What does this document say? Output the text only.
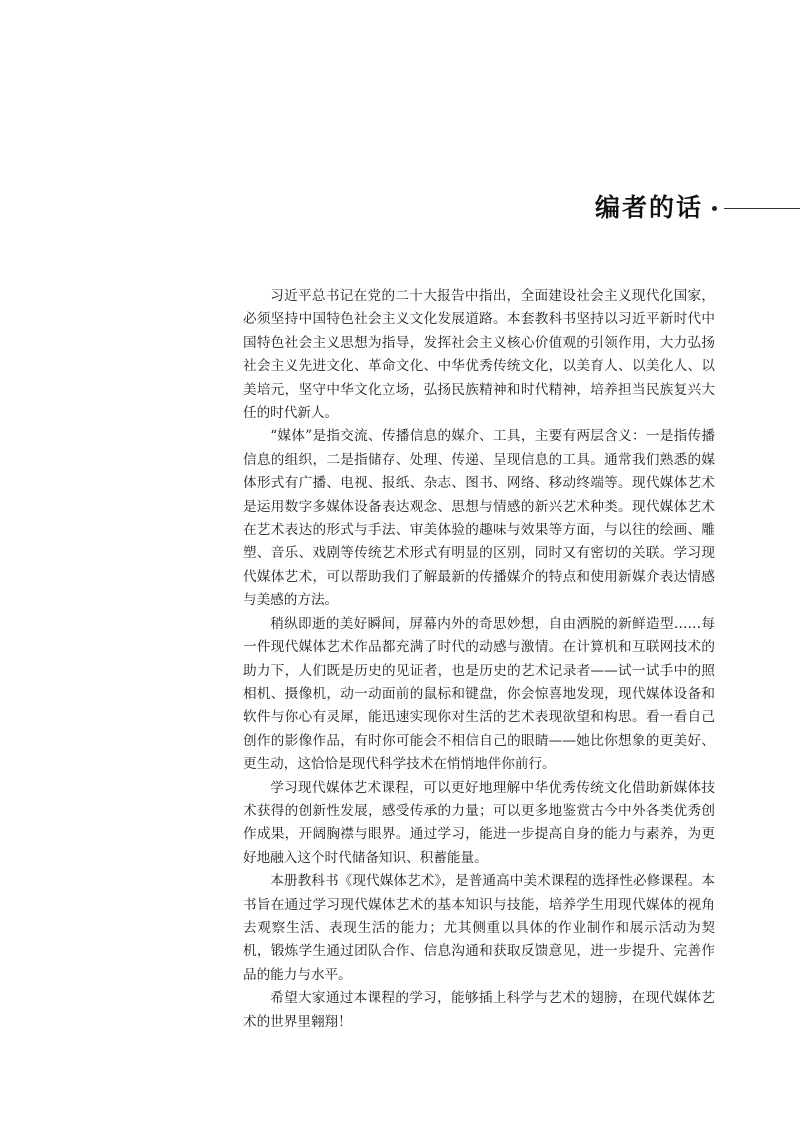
编者的话

习近平总书记在党的二十大报告中指出，全面建设社会主义现代化国家，必须坚持中国特色社会主义文化发展道路。本套教科书坚持以习近平新时代中国特色社会主义思想为指导，发挥社会主义核心价值观的引领作用，大力弘扬社会主义先进文化、革命文化、中华优秀传统文化，以美育人、以美化人、以美培元，坚守中华文化立场，弘扬民族精神和时代精神，培养担当民族复兴大任的时代新人。

“媒体”是指交流、传播信息的媒介、工具，主要有两层含义：一是指传播信息的组织，二是指储存、处理、传递、呈现信息的工具。通常我们熟悉的媒体形式有广播、电视、报纸、杂志、图书、网络、移动终端等。现代媒体艺术是运用数字多媒体设备表达观念、思想与情感的新兴艺术种类。现代媒体艺术在艺术表达的形式与手法、审美体验的趣味与效果等方面，与以往的绘画、雕塑、音乐、戏剧等传统艺术形式有明显的区别，同时又有密切的关联。学习现代媒体艺术，可以帮助我们了解最新的传播媒介的特点和使用新媒介表达情感与美感的方法。

稍纵即逝的美好瞬间，屏幕内外的奇思妙想，自由洒脱的新鲜造型……每一件现代媒体艺术作品都充满了时代的动感与激情。在计算机和互联网技术的助力下，人们既是历史的见证者，也是历史的艺术记录者——试一试手中的照相机、摄像机，动一动面前的鼠标和键盘，你会惊喜地发现，现代媒体设备和软件与你心有灵犀，能迅速实现你对生活的艺术表现欲望和构思。看一看自己创作的影像作品，有时你可能会不相信自己的眼睛——她比你想象的更美好、更生动，这恰恰是现代科学技术在悄悄地伴你前行。

学习现代媒体艺术课程，可以更好地理解中华优秀传统文化借助新媒体技术获得的创新性发展，感受传承的力量；可以更多地鉴赏古今中外各类优秀创作成果，开阔胸襟与眼界。通过学习，能进一步提高自身的能力与素养，为更好地融入这个时代储备知识、积蓄能量。

本册教科书《现代媒体艺术》，是普通高中美术课程的选择性必修课程。本书旨在通过学习现代媒体艺术的基本知识与技能，培养学生用现代媒体的视角去观察生活、表现生活的能力；尤其侧重以具体的作业制作和展示活动为契机，锻炼学生通过团队合作、信息沟通和获取反馈意见，进一步提升、完善作品的能力与水平。

希望大家通过本课程的学习，能够插上科学与艺术的翅膀，在现代媒体艺术的世界里翱翔！
